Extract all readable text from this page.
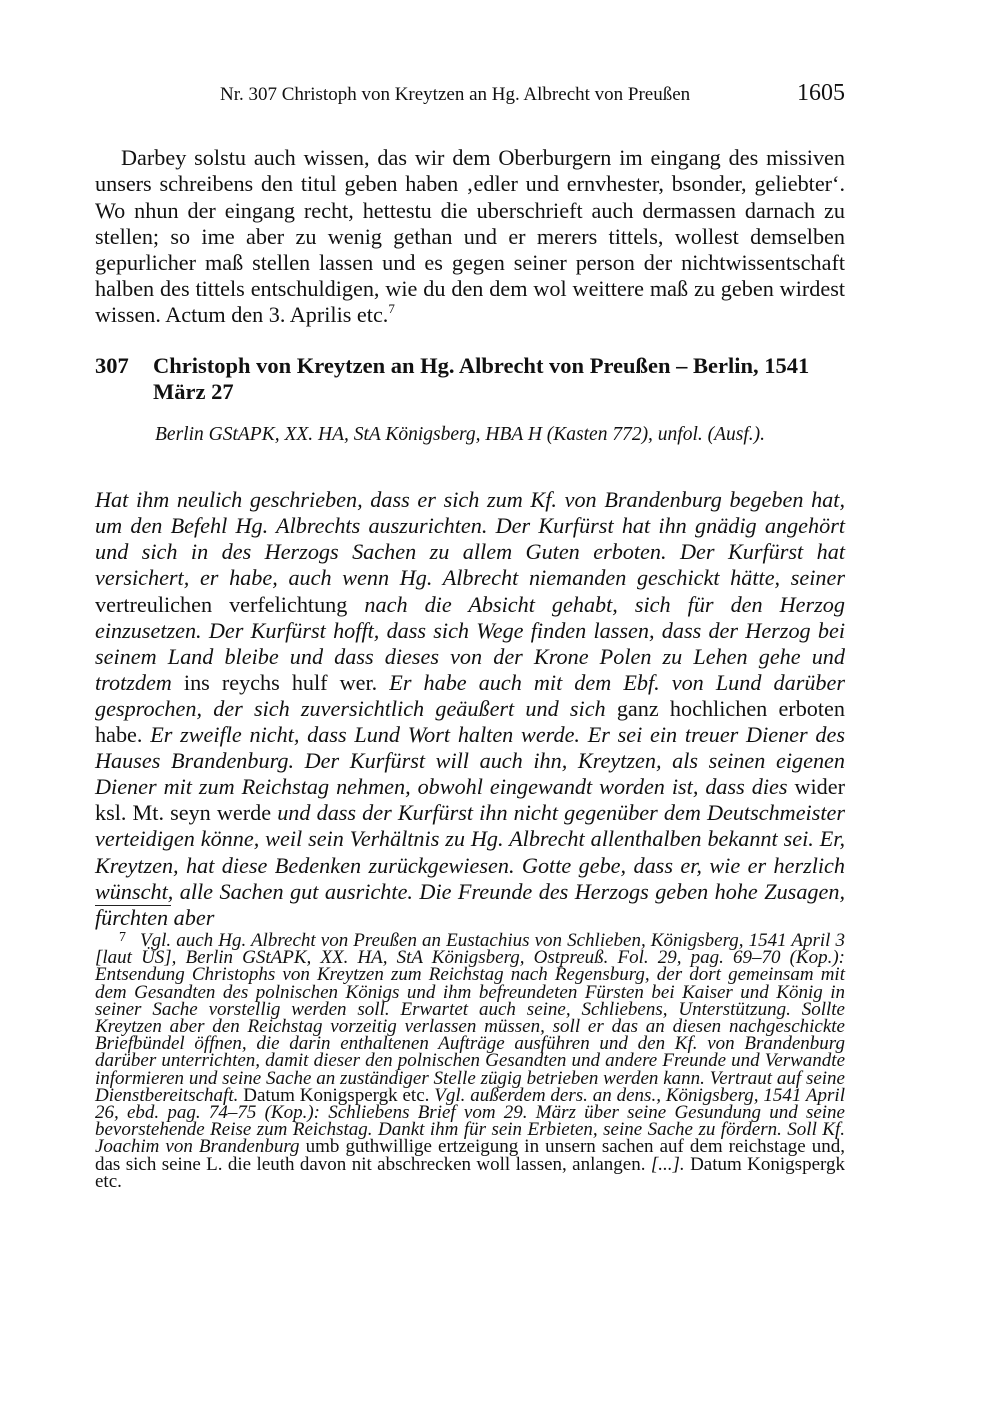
Nr. 307 Christoph von Kreytzen an Hg. Albrecht von Preußen	1605

Darbey solstu auch wissen, das wir dem Oberburgern im eingang des missiven unsers schreibens den titul geben haben ‚edler und ernvhester, bsonder, geliebter‘. Wo nhun der eingang recht, hettestu die uberschrieft auch dermassen darnach zu stellen; so ime aber zu wenig gethan und er merers tittels, wollest demselben gepurlicher maß stellen lassen und es gegen seiner person der nichtwissentschaft halben des tittels entschuldigen, wie du den dem wol weittere maß zu geben wirdest wissen. Actum den 3. Aprilis etc.$^7$

307 Christoph von Kreytzen an Hg. Albrecht von Preußen – Berlin, 1541 März 27
Berlin GStAPK, XX. HA, StA Königsberg, HBA H (Kasten 772), unfol. (Ausf.).

Hat ihm neulich geschrieben, dass er sich zum Kf. von Brandenburg begeben hat, um den Befehl Hg. Albrechts auszurichten. Der Kurfürst hat ihn gnädig angehört und sich in des Herzogs Sachen zu allem Guten erboten. Der Kurfürst hat versichert, er habe, auch wenn Hg. Albrecht niemanden geschickt hätte, seiner vertreulichen verfelichtung nach die Absicht gehabt, sich für den Herzog einzusetzen. Der Kurfürst hofft, dass sich Wege finden lassen, dass der Herzog bei seinem Land bleibe und dass dieses von der Krone Polen zu Lehen gehe und trotzdem ins reychs hulf wer. Er habe auch mit dem Ebf. von Lund darüber gesprochen, der sich zuversichtlich geäußert und sich ganz hochlichen erboten habe. Er zweifle nicht, dass Lund Wort halten werde. Er sei ein treuer Diener des Hauses Brandenburg. Der Kurfürst will auch ihn, Kreytzen, als seinen eigenen Diener mit zum Reichstag nehmen, obwohl eingewandt worden ist, dass dies wider ksl. Mt. seyn werde und dass der Kurfürst ihn nicht gegenüber dem Deutschmeister verteidigen könne, weil sein Verhältnis zu Hg. Albrecht allenthalben bekannt sei. Er, Kreytzen, hat diese Bedenken zurückgewiesen. Gotte gebe, dass er, wie er herzlich wünscht, alle Sachen gut ausrichte. Die Freunde des Herzogs geben hohe Zusagen, fürchten aber

$^7$ Vgl. auch Hg. Albrecht von Preußen an Eustachius von Schlieben, Königsberg, 1541 April 3 [laut ÜS], Berlin GStAPK, XX. HA, StA Königsberg, Ostpreuß. Fol. 29, pag. 69–70 (Kop.): Entsendung Christophs von Kreytzen zum Reichstag nach Regensburg, der dort gemeinsam mit dem Gesandten des polnischen Königs und ihm befreundeten Fürsten bei Kaiser und König in seiner Sache vorstellig werden soll. Erwartet auch seine, Schliebens, Unterstützung. Sollte Kreytzen aber den Reichstag vorzeitig verlassen müssen, soll er das an diesen nachgeschickte Briefbündel öffnen, die darin enthaltenen Aufträge ausführen und den Kf. von Brandenburg darüber unterrichten, damit dieser den polnischen Gesandten und andere Freunde und Verwandte informieren und seine Sache an zuständiger Stelle zügig betrieben werden kann. Vertraut auf seine Dienstbereitschaft. Datum Konigspergk etc. Vgl. außerdem ders. an dens., Königsberg, 1541 April 26, ebd. pag. 74–75 (Kop.): Schliebens Brief vom 29. März über seine Gesundung und seine bevorstehende Reise zum Reichstag. Dankt ihm für sein Erbieten, seine Sache zu fördern. Soll Kf. Joachim von Brandenburg umb guthwillige ertzeigung in unsern sachen auf dem reichstage und, das sich seine L. die leuth davon nit abschrecken woll lassen, anlangen. [...]. Datum Konigspergk etc.
